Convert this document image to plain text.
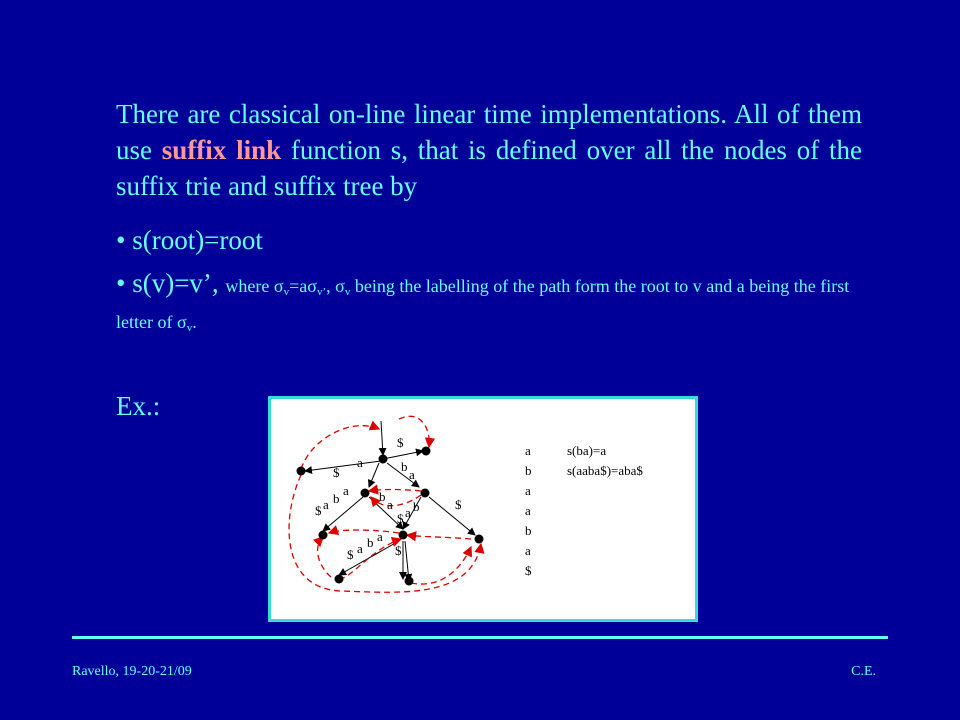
There are classical on-line linear time implementations. All of them use suffix link function s, that is defined over all the nodes of the suffix trie and suffix tree by
• s(root)=root
• s(v)=v’, where $\sigma_v=a\sigma_{v’}$, $\sigma_v$ being the labelling of the path form the root to v and a being the first letter of $\sigma_v$.
Ex.:
$
a
$	b
a
$ a b
a b
a
$ a b	$
$ a b a
$
a
b
a
a
b
a
$
s(ba)=a
s(aaba$)=aba$
Ravello, 19-20-21/09	C.E.
